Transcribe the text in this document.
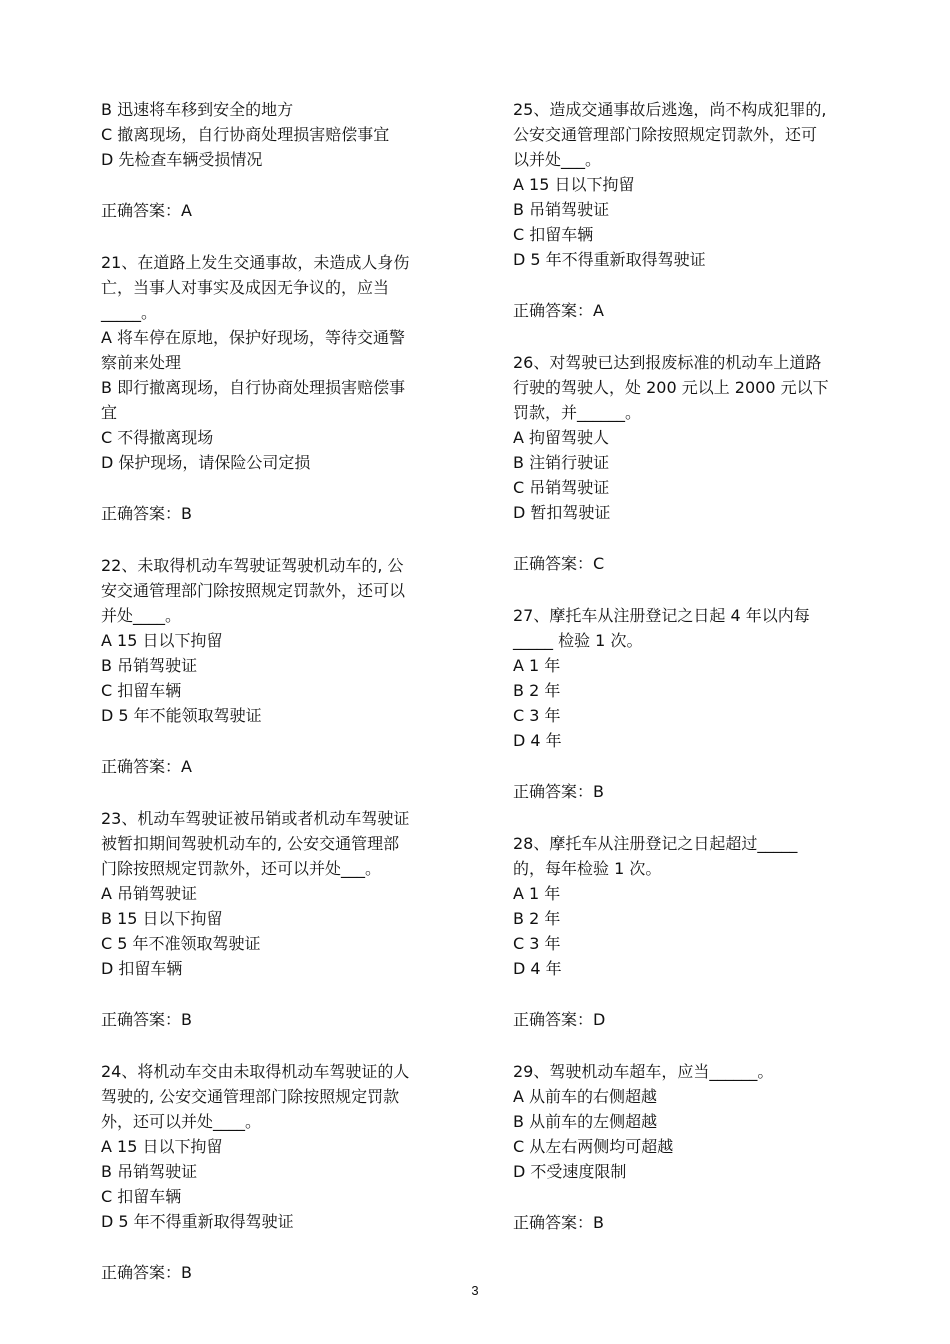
B 迅速将车移到安全的地方

C 撤离现场，自行协商处理损害赔偿事宜

D 先检查车辆受损情况

正确答案：A

21、在道路上发生交通事故，未造成人身伤

亡，当事人对事实及成因无争议的，应当

_____。

A 将车停在原地，保护好现场，等待交通警

察前来处理

B 即行撤离现场，自行协商处理损害赔偿事

宜

C 不得撤离现场

D 保护现场，请保险公司定损

正确答案：B

22、未取得机动车驾驶证驾驶机动车的, 公

安交通管理部门除按照规定罚款外，还可以

并处____。

A 15 日以下拘留

B 吊销驾驶证

C 扣留车辆

D 5 年不能领取驾驶证

正确答案：A

23、机动车驾驶证被吊销或者机动车驾驶证

被暂扣期间驾驶机动车的, 公安交通管理部

门除按照规定罚款外，还可以并处___。

A 吊销驾驶证

B 15 日以下拘留

C 5 年不准领取驾驶证

D 扣留车辆

正确答案：B

24、将机动车交由未取得机动车驾驶证的人

驾驶的, 公安交通管理部门除按照规定罚款

外，还可以并处____。

A 15 日以下拘留

B 吊销驾驶证

C 扣留车辆

D 5 年不得重新取得驾驶证

正确答案：B

25、造成交通事故后逃逸，尚不构成犯罪的,

公安交通管理部门除按照规定罚款外，还可

以并处___。

A 15 日以下拘留

B 吊销驾驶证

C 扣留车辆

D 5 年不得重新取得驾驶证

正确答案：A

26、对驾驶已达到报废标准的机动车上道路

行驶的驾驶人，处 200 元以上 2000 元以下

罚款，并______。

A 拘留驾驶人

B 注销行驶证

C 吊销驾驶证

D 暂扣驾驶证

正确答案：C

27、摩托车从注册登记之日起 4 年以内每

_____ 检验 1 次。

A 1 年

B 2 年

C 3 年

D 4 年

正确答案：B

28、摩托车从注册登记之日起超过_____

的，每年检验 1 次。

A 1 年

B 2 年

C 3 年

D 4 年

正确答案：D

29、驾驶机动车超车，应当______。

A 从前车的右侧超越

B 从前车的左侧超越

C 从左右两侧均可超越

D 不受速度限制

正确答案：B

3
